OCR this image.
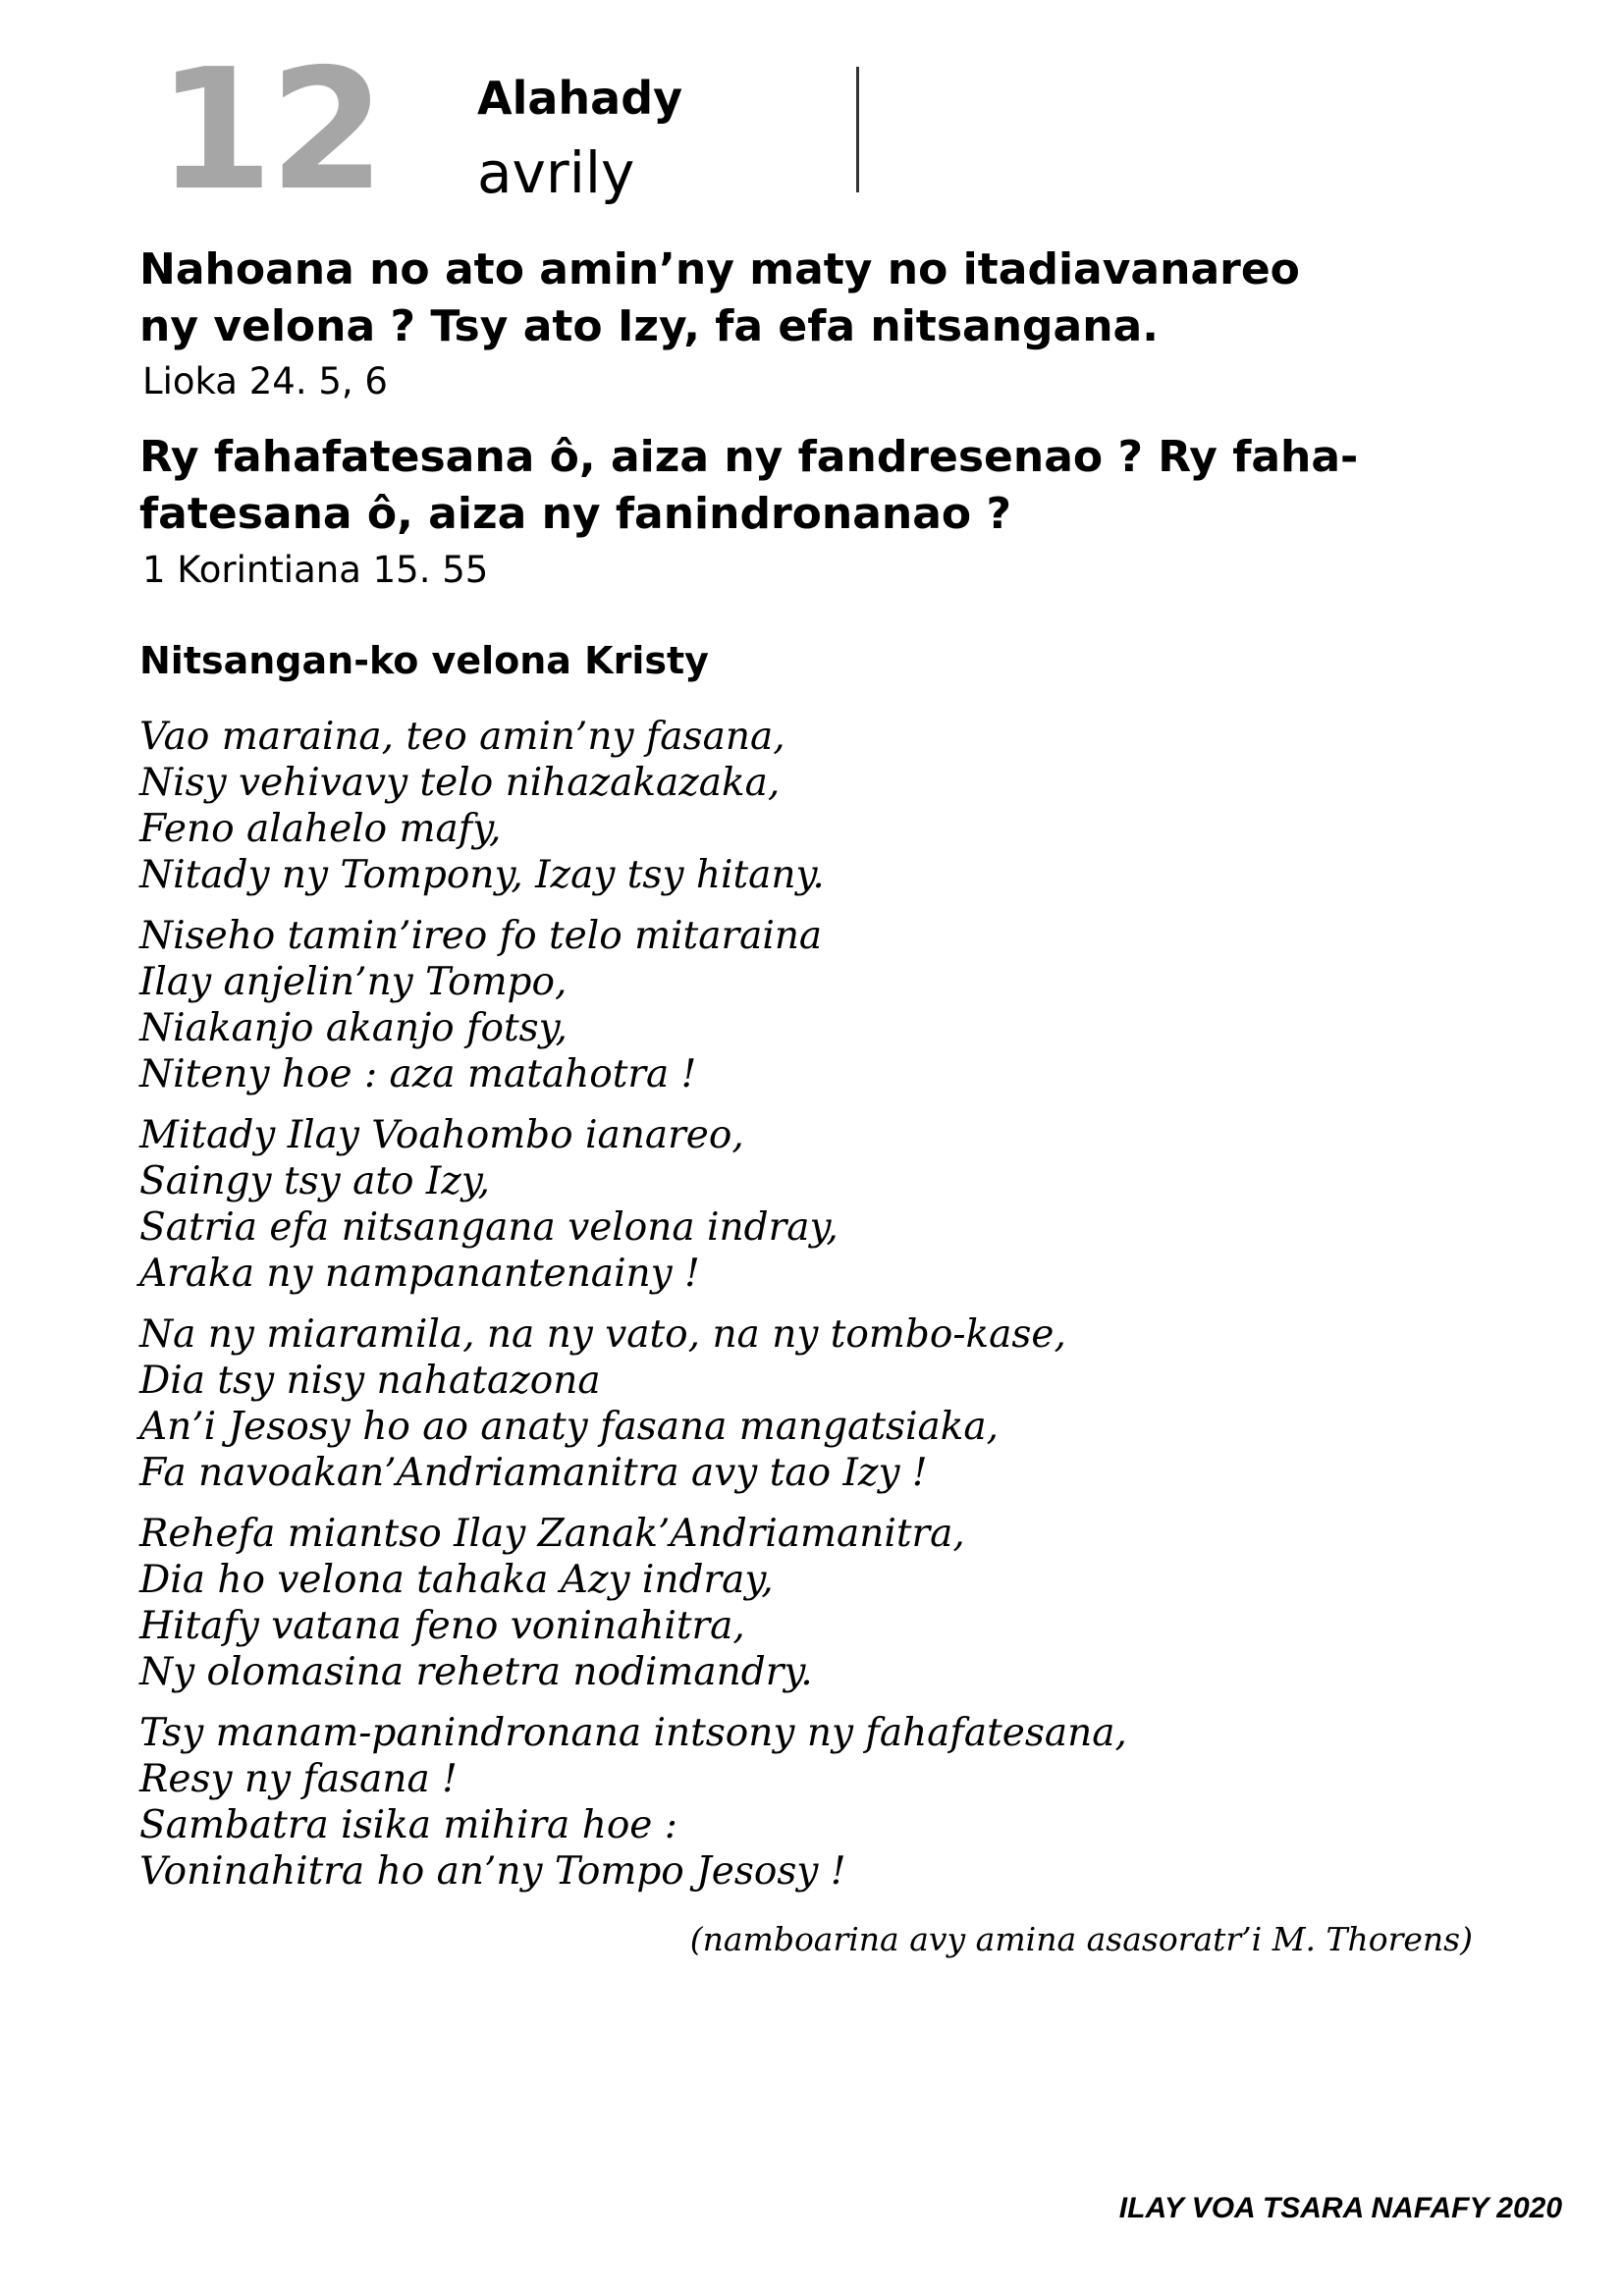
12 Alahady
avrily
Nahoana no ato amin’ny maty no itadiavanareo
ny velona ? Tsy ato Izy, fa efa nitsangana.
Lioka 24. 5, 6
Ry fahafatesana ô, aiza ny fandresenao ? Ry faha-
fatesana ô, aiza ny fanindronanao ?
1 Korintiana 15. 55
Nitsangan-ko velona Kristy
Vao maraina, teo amin’ny fasana,
Nisy vehivavy telo nihazakazaka,
Feno alahelo mafy,
Nitady ny Tompony, Izay tsy hitany.
Niseho tamin’ireo fo telo mitaraina
Ilay anjelin’ny Tompo,
Niakanjo akanjo fotsy,
Niteny hoe : aza matahotra !
Mitady Ilay Voahombo ianareo,
Saingy tsy ato Izy,
Satria efa nitsangana velona indray,
Araka ny nampanantenainy !
Na ny miaramila, na ny vato, na ny tombo-kase,
Dia tsy nisy nahatazona
An’i Jesosy ho ao anaty fasana mangatsiaka,
Fa navoakan’Andriamanitra avy tao Izy !
Rehefa miantso Ilay Zanak’Andriamanitra,
Dia ho velona tahaka Azy indray,
Hitafy vatana feno voninahitra,
Ny olomasina rehetra nodimandry.
Tsy manam-panindronana intsony ny fahafatesana,
Resy ny fasana !
Sambatra isika mihira hoe :
Voninahitra ho an’ny Tompo Jesosy !
(namboarina avy amina asasoratr’i M. Thorens)
ILAY VOA TSARA NAFAFY 2020
